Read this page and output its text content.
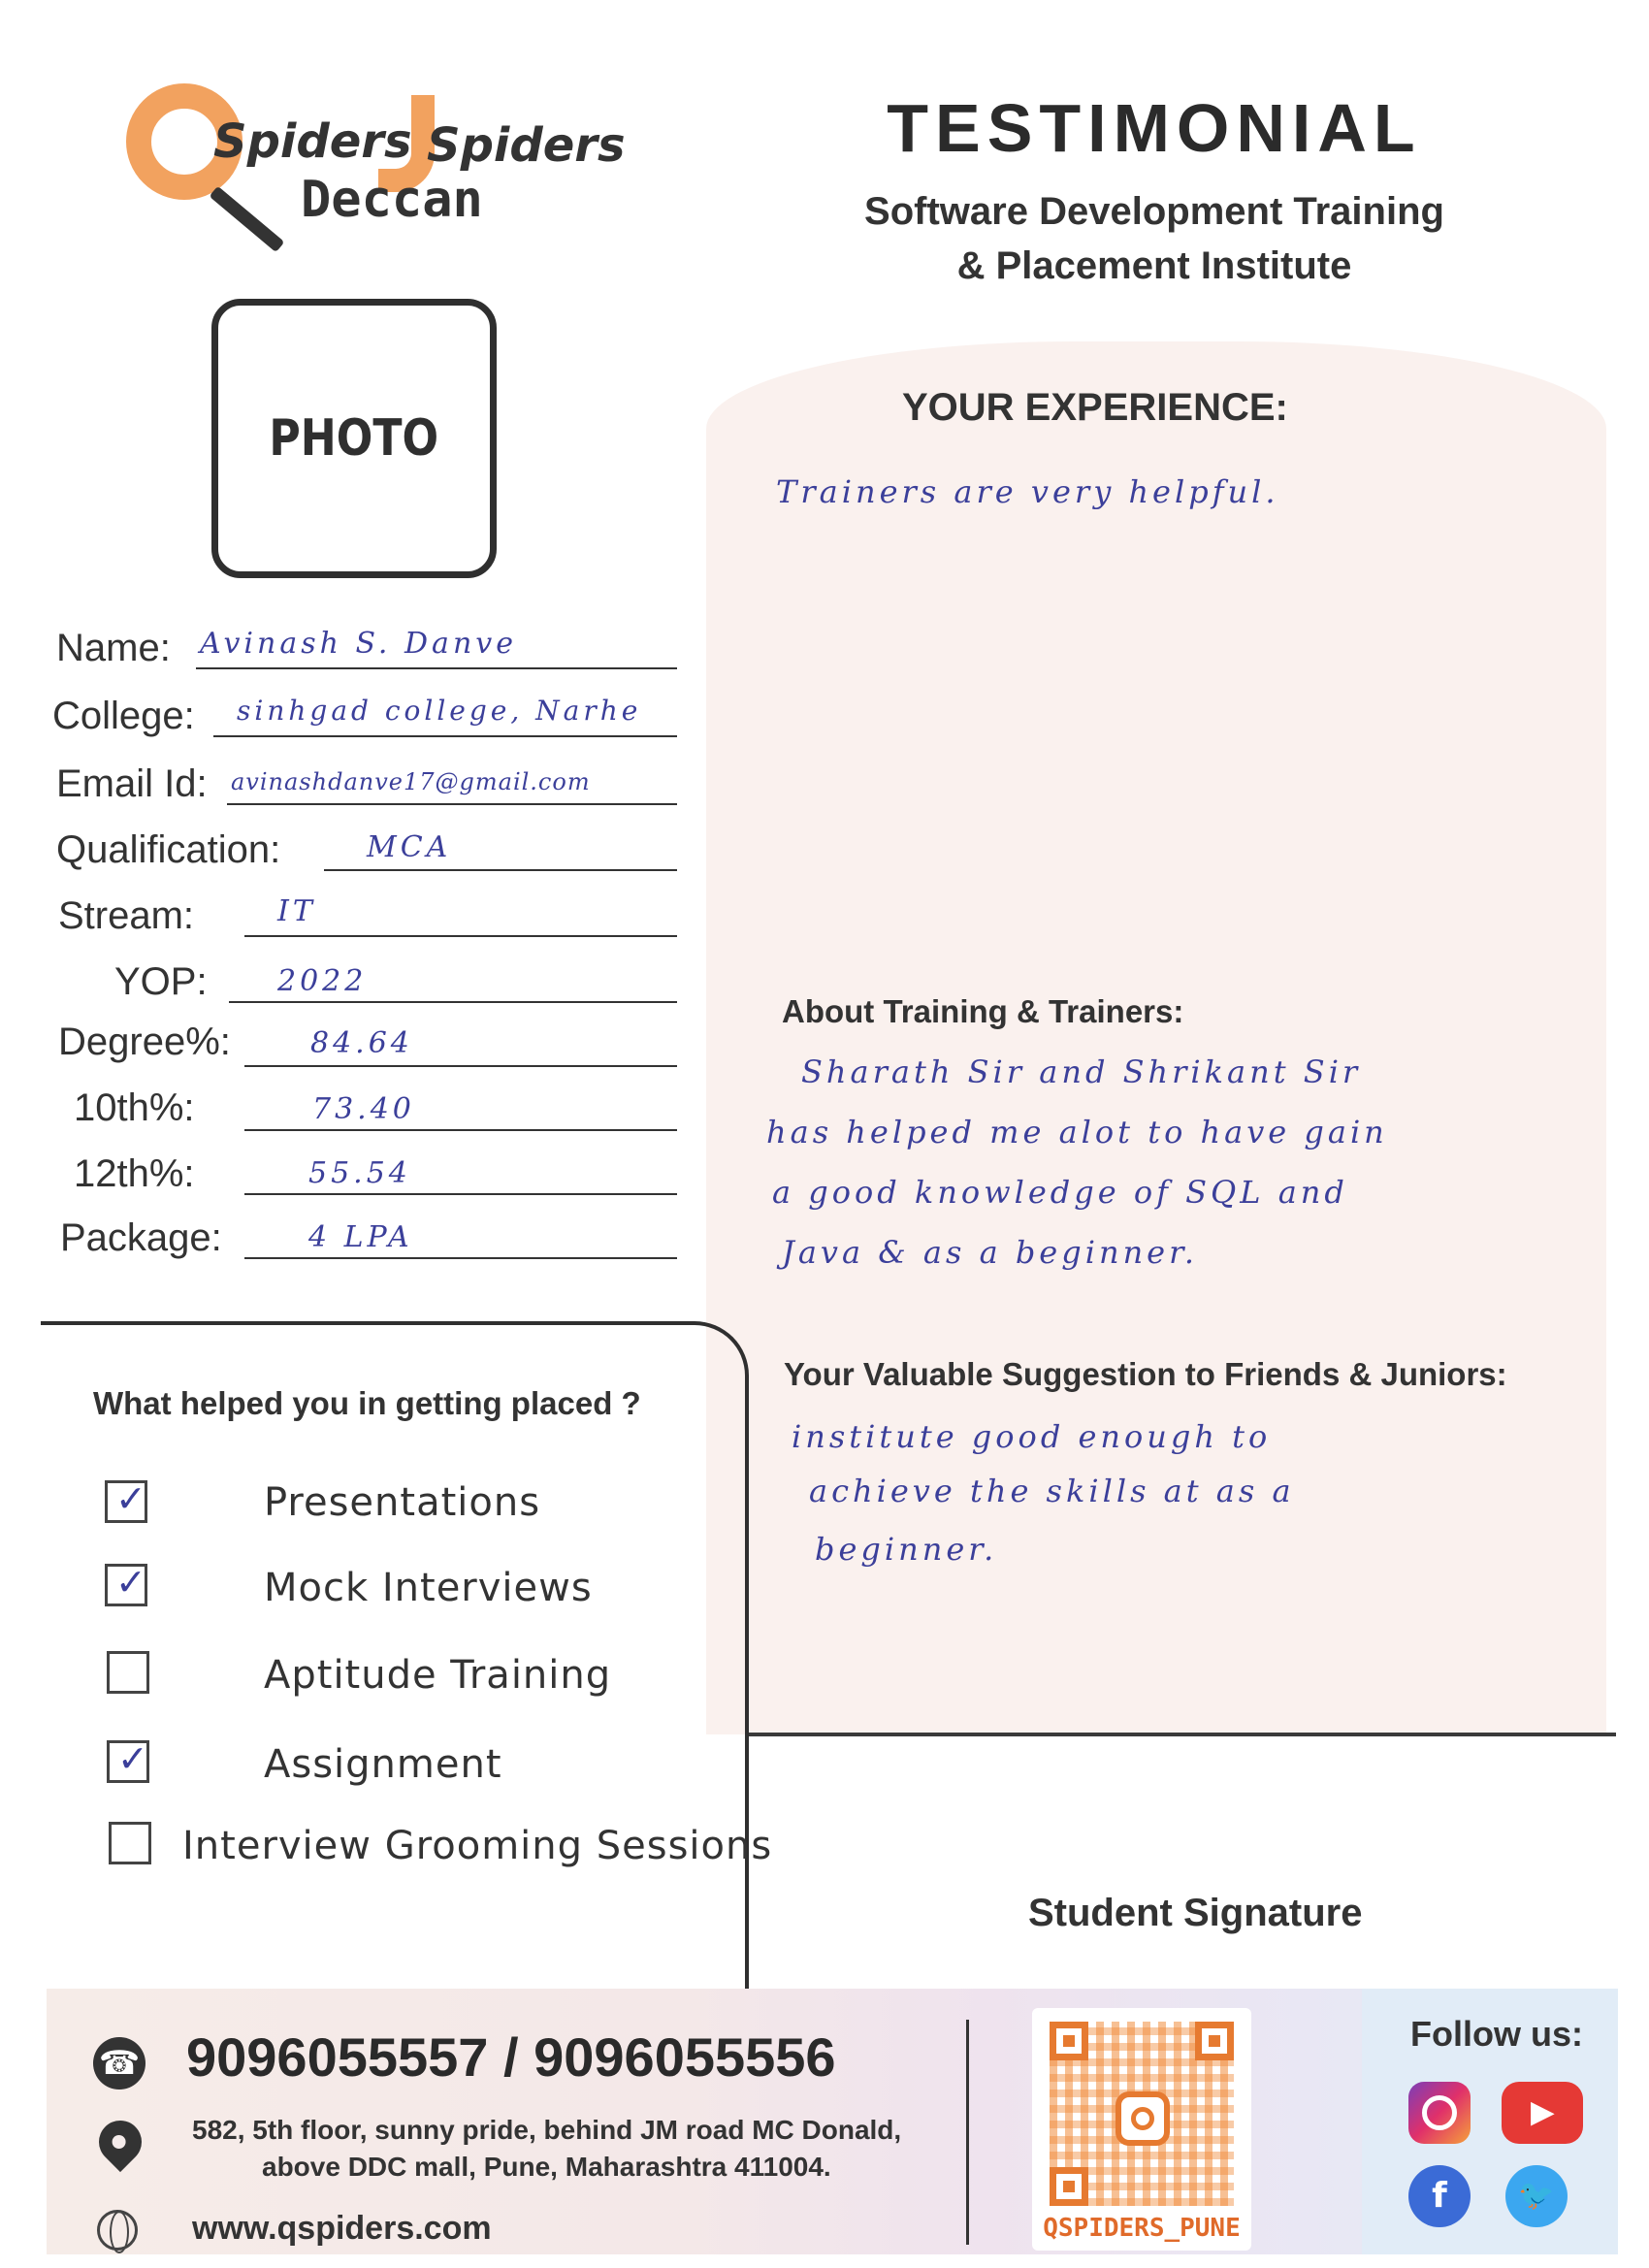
Spiders Spiders
Deccan
TESTIMONIAL
Software Development Training
& Placement Institute
PHOTO
YOUR EXPERIENCE:
Trainers are very helpful.
About Training & Trainers:
Sharath Sir and Shrikant Sir
has helped me alot to have gain
a good knowledge of SQL and
Java & as a beginner.
Your Valuable Suggestion to Friends & Juniors:
institute good enough to
achieve the skills at as a
beginner.
Student Signature
Name: Avinash S. Danve
College: sinhgad college, Narhe
Email Id: avinashdanve17@gmail.com
Qualification:	MCA
Stream:	IT
YOP: 2022
Degree%:	84.64
10th%:	73.40
12th%:	55.54
Package:	4 LPA
What helped you in getting placed ?
✓	Presentations
✓	Mock Interviews
Aptitude Training
✓	Assignment
Interview Grooming Sessions
☎ 9096055557 / 9096055556
582, 5th floor, sunny pride, behind JM road MC Donald,
above DDC mall, Pune, Maharashtra 411004.
www.qspiders.com	QSPIDERS_PUNE
Follow us:
▶
f	🐦
